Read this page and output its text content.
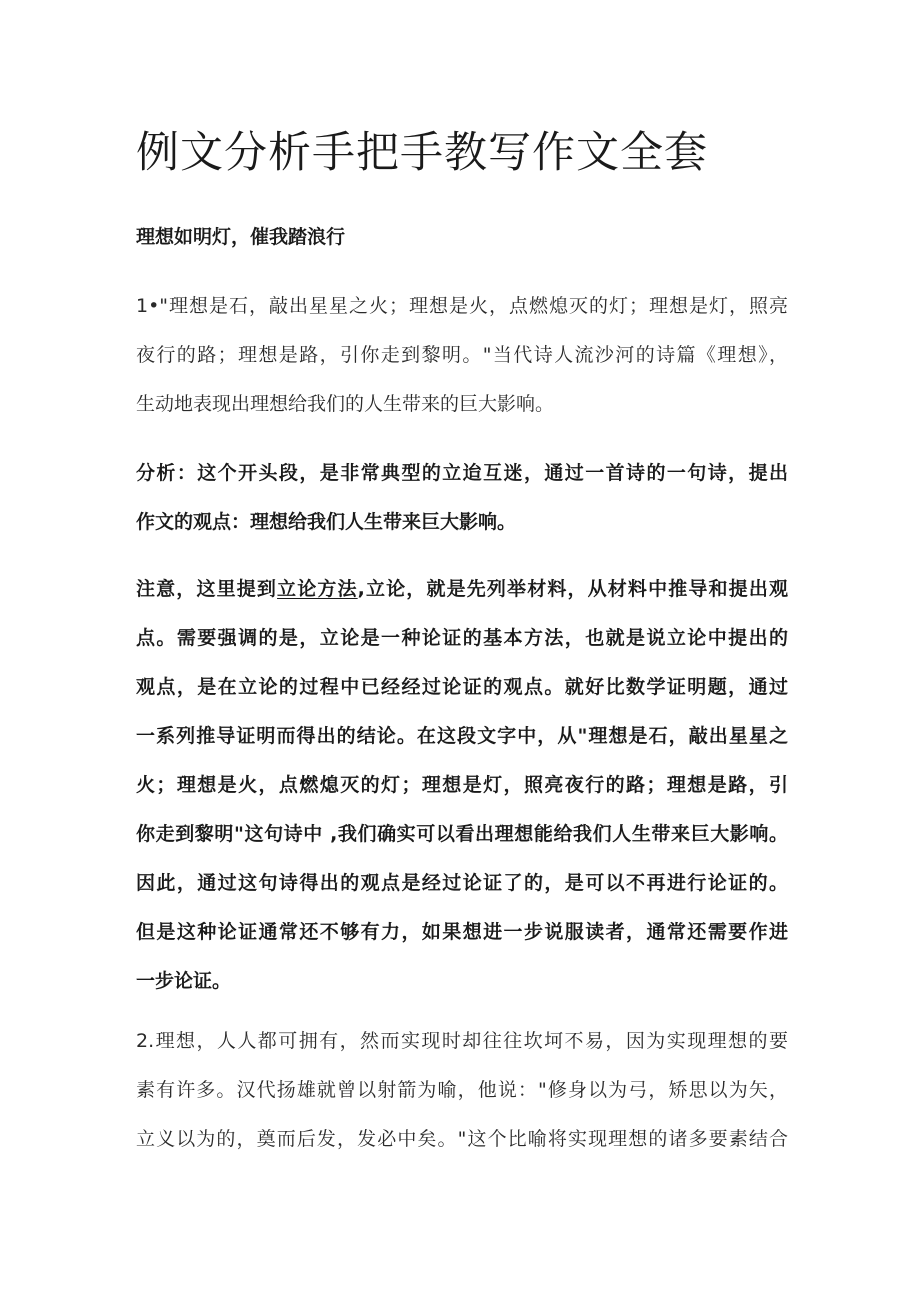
例文分析手把手教写作文全套
理想如明灯，催我踏浪行

1•"理想是石，敲出星星之火；理想是火，点燃熄灭的灯；理想是灯，照亮
夜行的路；理想是路，引你走到黎明。"当代诗人流沙河的诗篇《理想》，
生动地表现出理想给我们的人生带来的巨大影响。

分析：这个开头段，是非常典型的立迨互迷，通过一首诗的一句诗，提出
作文的观点：理想给我们人生带来巨大影响。

注意，这里提到立论方法,立论，就是先列举材料，从材料中推导和提出观
点。需要强调的是，立论是一种论证的基本方法，也就是说立论中提出的
观点，是在立论的过程中已经经过论证的观点。就好比数学证明题，通过
一系列推导证明而得出的结论。在这段文字中，从"理想是石，敲出星星之
火；理想是火，点燃熄灭的灯；理想是灯，照亮夜行的路；理想是路，引
你走到黎明"这句诗中 ,我们确实可以看出理想能给我们人生带来巨大影响。
因此，通过这句诗得出的观点是经过论证了的，是可以不再进行论证的。
但是这种论证通常还不够有力，如果想进一步说服读者，通常还需要作进
一步论证。

2.理想，人人都可拥有，然而实现时却往往坎坷不易，因为实现理想的要
素有许多。汉代扬雄就曾以射箭为喻，他说："修身以为弓，矫思以为矢，
立义以为的，奠而后发，发必中矣。"这个比喻将实现理想的诸多要素结合
